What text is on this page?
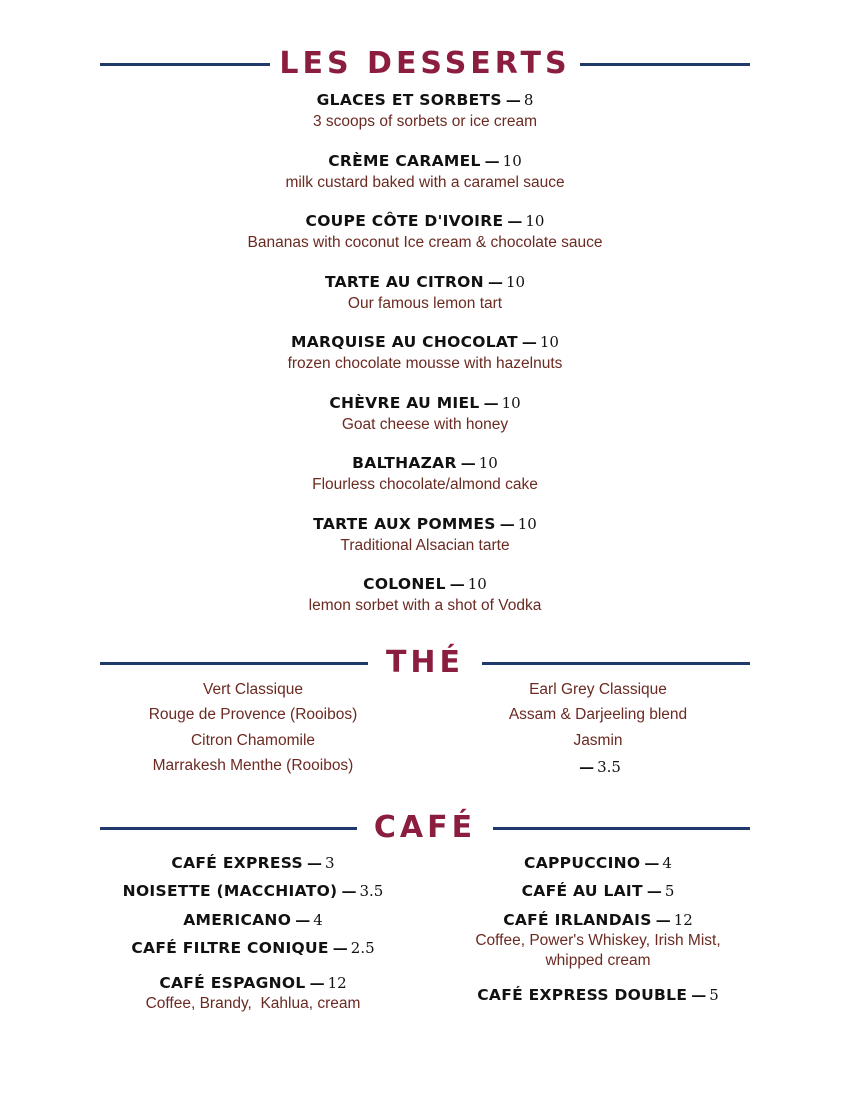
LES DESSERTS
GLACES ET SORBETS — 8
3 scoops of sorbets or ice cream
CRÈME CARAMEL — 10
milk custard baked with a caramel sauce
COUPE CÔTE D'IVOIRE — 10
Bananas with coconut Ice cream & chocolate sauce
TARTE AU CITRON — 10
Our famous lemon tart
MARQUISE AU CHOCOLAT — 10
frozen chocolate mousse with hazelnuts
CHÈVRE AU MIEL — 10
Goat cheese with honey
BALTHAZAR — 10
Flourless chocolate/almond cake
TARTE AUX POMMES — 10
Traditional Alsacian tarte
COLONEL — 10
lemon sorbet with a shot of Vodka
THÉ
Vert Classique
Rouge de Provence (Rooibos)
Citron Chamomile
Marrakesh Menthe (Rooibos)
Earl Grey Classique
Assam & Darjeeling blend
Jasmin
— 3.5
CAFÉ
CAFÉ EXPRESS — 3
NOISETTE (MACCHIATO) — 3.5
AMERICANO — 4
CAFÉ FILTRE CONIQUE — 2.5
CAFÉ ESPAGNOL — 12
Coffee, Brandy,  Kahlua, cream
CAPPUCCINO — 4
CAFÉ AU LAIT — 5
CAFÉ IRLANDAIS — 12
Coffee, Power's Whiskey, Irish Mist, whipped cream
CAFÉ EXPRESS DOUBLE — 5
